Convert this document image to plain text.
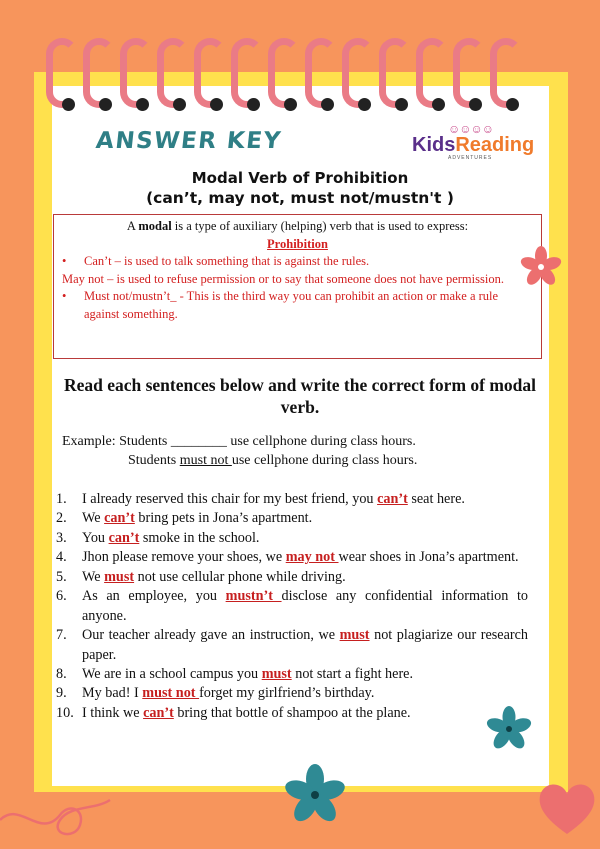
ANSWER KEY	☺☺☺☺
KidsReading
ADVENTURES
Modal Verb of Prohibition
(can’t, may not, must not/mustn't )
A modal is a type of auxiliary (helping) verb that is used to express:
Prohibition
• Can’t – is used to talk something that is against the rules.
May not – is used to refuse permission or to say that someone does not have permission.
• Must not/mustn’t_ - This is the third way you can prohibit an action or make a rule against something.
Read each sentences below and write the correct form of modal verb.
Example: Students ________ use cellphone during class hours.
Students must not use cellphone during class hours.
1.	I already reserved this chair for my best friend, you can’t seat here.
2.	We can’t bring pets in Jona’s apartment.
3.	You can’t smoke in the school.
4.	Jhon please remove your shoes, we may not wear shoes in Jona’s apartment.
5.	We must not use cellular phone while driving.
6.	As an employee, you mustn’t disclose any confidential information to anyone.
7.	Our teacher already gave an instruction, we must not plagiarize our research paper.
8.	We are in a school campus you must not start a fight here.
9.	My bad! I must not forget my girlfriend’s birthday.
10. I think we can’t bring that bottle of shampoo at the plane.
